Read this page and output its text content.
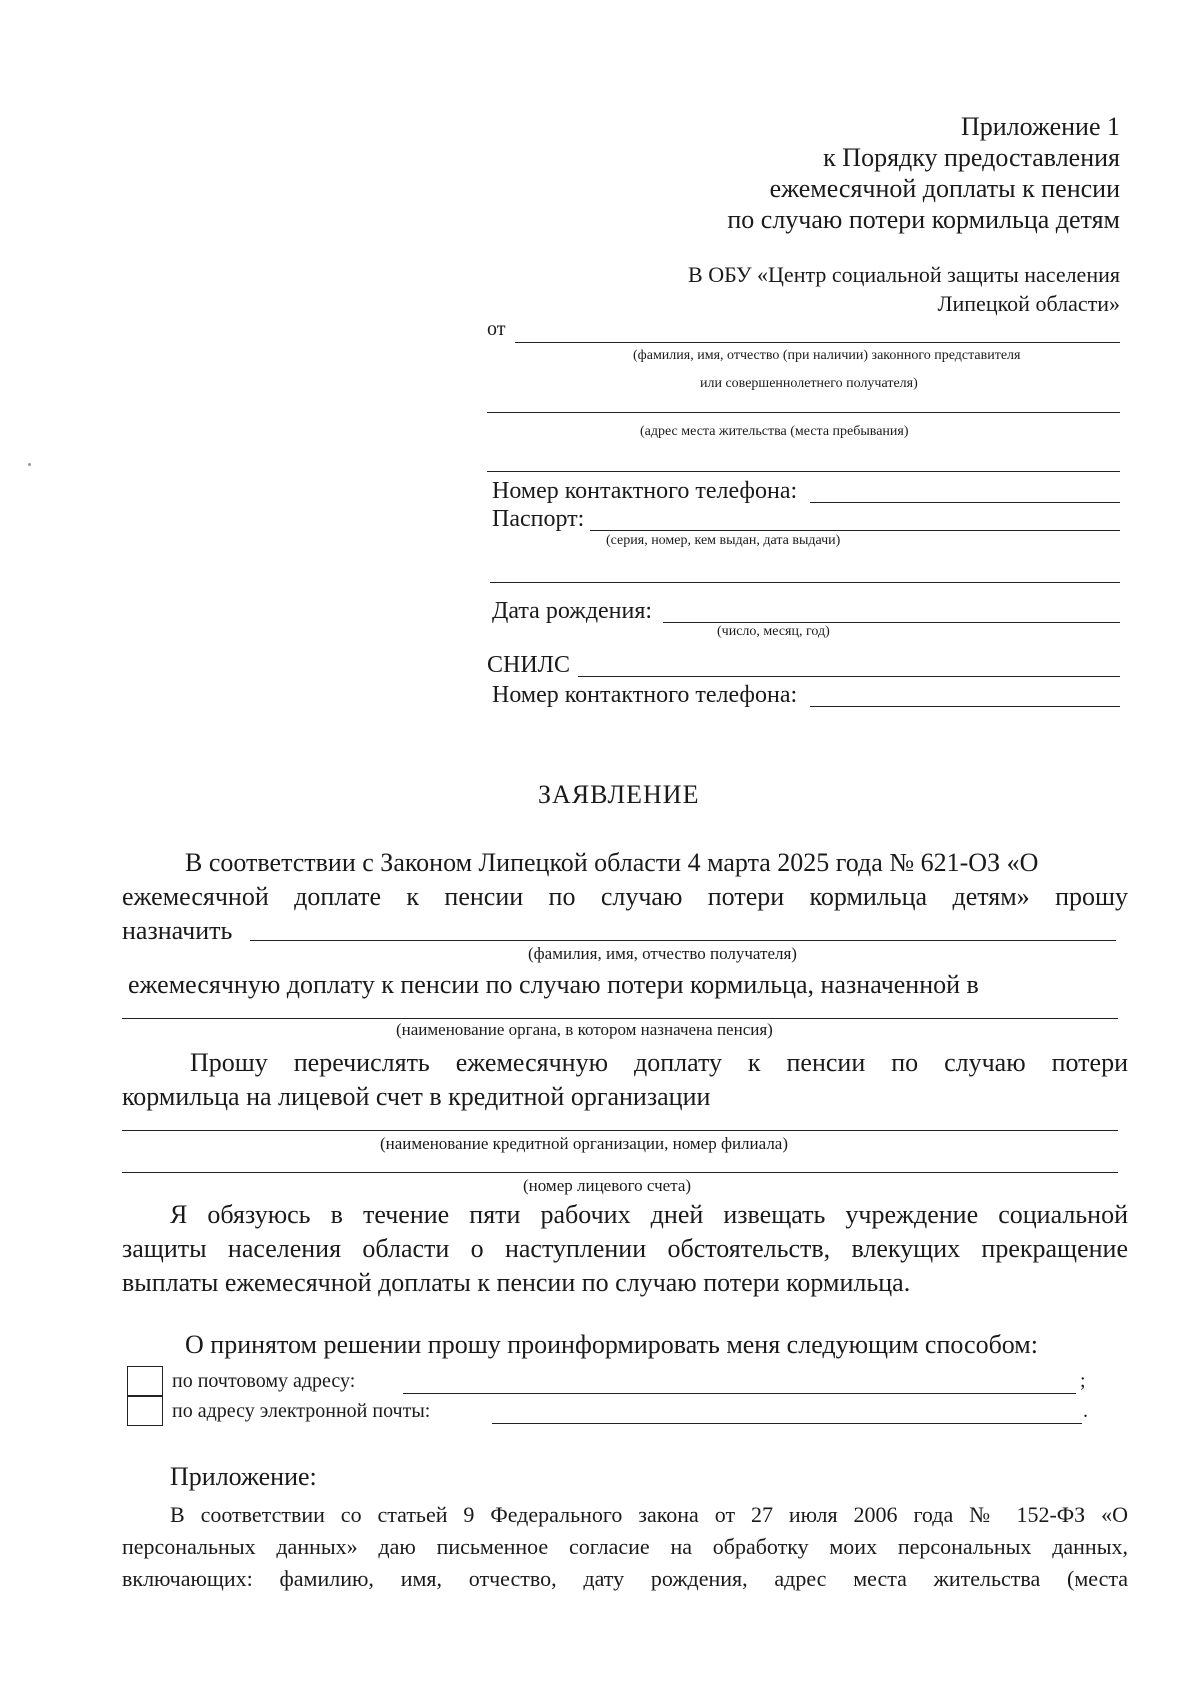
Приложение 1
к Порядку предоставления
ежемесячной доплаты к пенсии
по случаю потери кормильца детям
В ОБУ «Центр социальной защиты населения
Липецкой области»
от
(фамилия, имя, отчество (при наличии) законного представителя
или совершеннолетнего получателя)
(адрес места жительства (места пребывания)
Номер контактного телефона:
Паспорт:
(серия, номер, кем выдан, дата выдачи)
Дата рождения:
(число, месяц, год)
СНИЛС
Номер контактного телефона:
ЗАЯВЛЕНИЕ
В соответствии с Законом Липецкой области 4 марта 2025 года № 621-ОЗ «О
ежемесячной доплате к пенсии по случаю потери кормильца детям» прошу
назначить
(фамилия, имя, отчество получателя)
ежемесячную доплату к пенсии по случаю потери кормильца, назначенной в
(наименование органа, в котором назначена пенсия)
Прошу перечислять ежемесячную доплату к пенсии по случаю потери
кормильца на лицевой счет в кредитной организации
(наименование кредитной организации, номер филиала)
(номер лицевого счета)
Я обязуюсь в течение пяти рабочих дней извещать учреждение социальной
защиты населения области о наступлении обстоятельств, влекущих прекращение
выплаты ежемесячной доплаты к пенсии по случаю потери кормильца.
О принятом решении прошу проинформировать меня следующим способом:
по почтовому адресу:	;
по адресу электронной почты:	.
Приложение:
В соответствии со статьей 9 Федерального закона от 27 июля 2006 года № 152-ФЗ «О
персональных данных» даю письменное согласие на обработку моих персональных данных,
включающих: фамилию, имя, отчество, дату рождения, адрес места жительства (места
